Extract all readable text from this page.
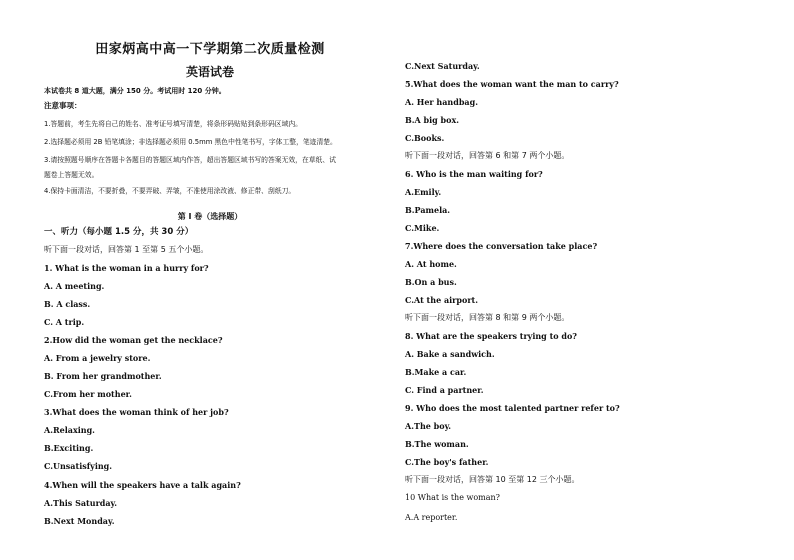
田家炳高中高一下学期第二次质量检测
英语试卷
本试卷共 8 道大题，满分 150 分。考试用时 120 分钟。
注意事项：
1.答题前，考生先将自己的姓名、准考证号填写清楚，将条形码贴贴到条形码区域内。
2.选择题必须用 2B 铅笔填涂；非选择题必须用 0.5mm 黑色中性笔书写，字体工整，笔迹清楚。
3.请按照题号顺序在答题卡各题目的答题区域内作答，超出答题区域书写的答案无效，在草纸、试
题卷上答题无效。
4.保持卡面清洁，不要折叠，不要弄破、弄皱，不准使用涂改液、修正带、刮纸刀。
第 I 卷（选择题）
一、听力（每小题 1.5 分，共 30 分）
听下面一段对话，回答第 1 至第 5 五个小题。
1. What is the woman in a hurry for?
A. A meeting.
B. A class.
C. A trip.
2.How did the woman get the necklace?
A. From a jewelry store.
B. From her grandmother.
C.From her mother.
3.What does the woman think of her job?
A.Relaxing.
B.Exciting.
C.Unsatisfying.
4.When will the speakers have a talk again?
A.This Saturday.
B.Next Monday.
C.Next Saturday.
5.What does the woman want the man to carry?
A. Her handbag.
B.A big box.
C.Books.
听下面一段对话，回答第 6 和第 7 两个小题。
6. Who is the man waiting for?
A.Emily.
B.Pamela.
C.Mike.
7.Where does the conversation take place?
A. At home.
B.On a bus.
C.At the airport.
听下面一段对话，回答第 8 和第 9 两个小题。
8. What are the speakers trying to do?
A. Bake a sandwich.
B.Make a car.
C. Find a partner.
9. Who does the most talented partner refer to?
A.The boy.
B.The woman.
C.The boy's father.
听下面一段对话，回答第 10 至第 12 三个小题。
10 What is the woman?
A.A reporter.
